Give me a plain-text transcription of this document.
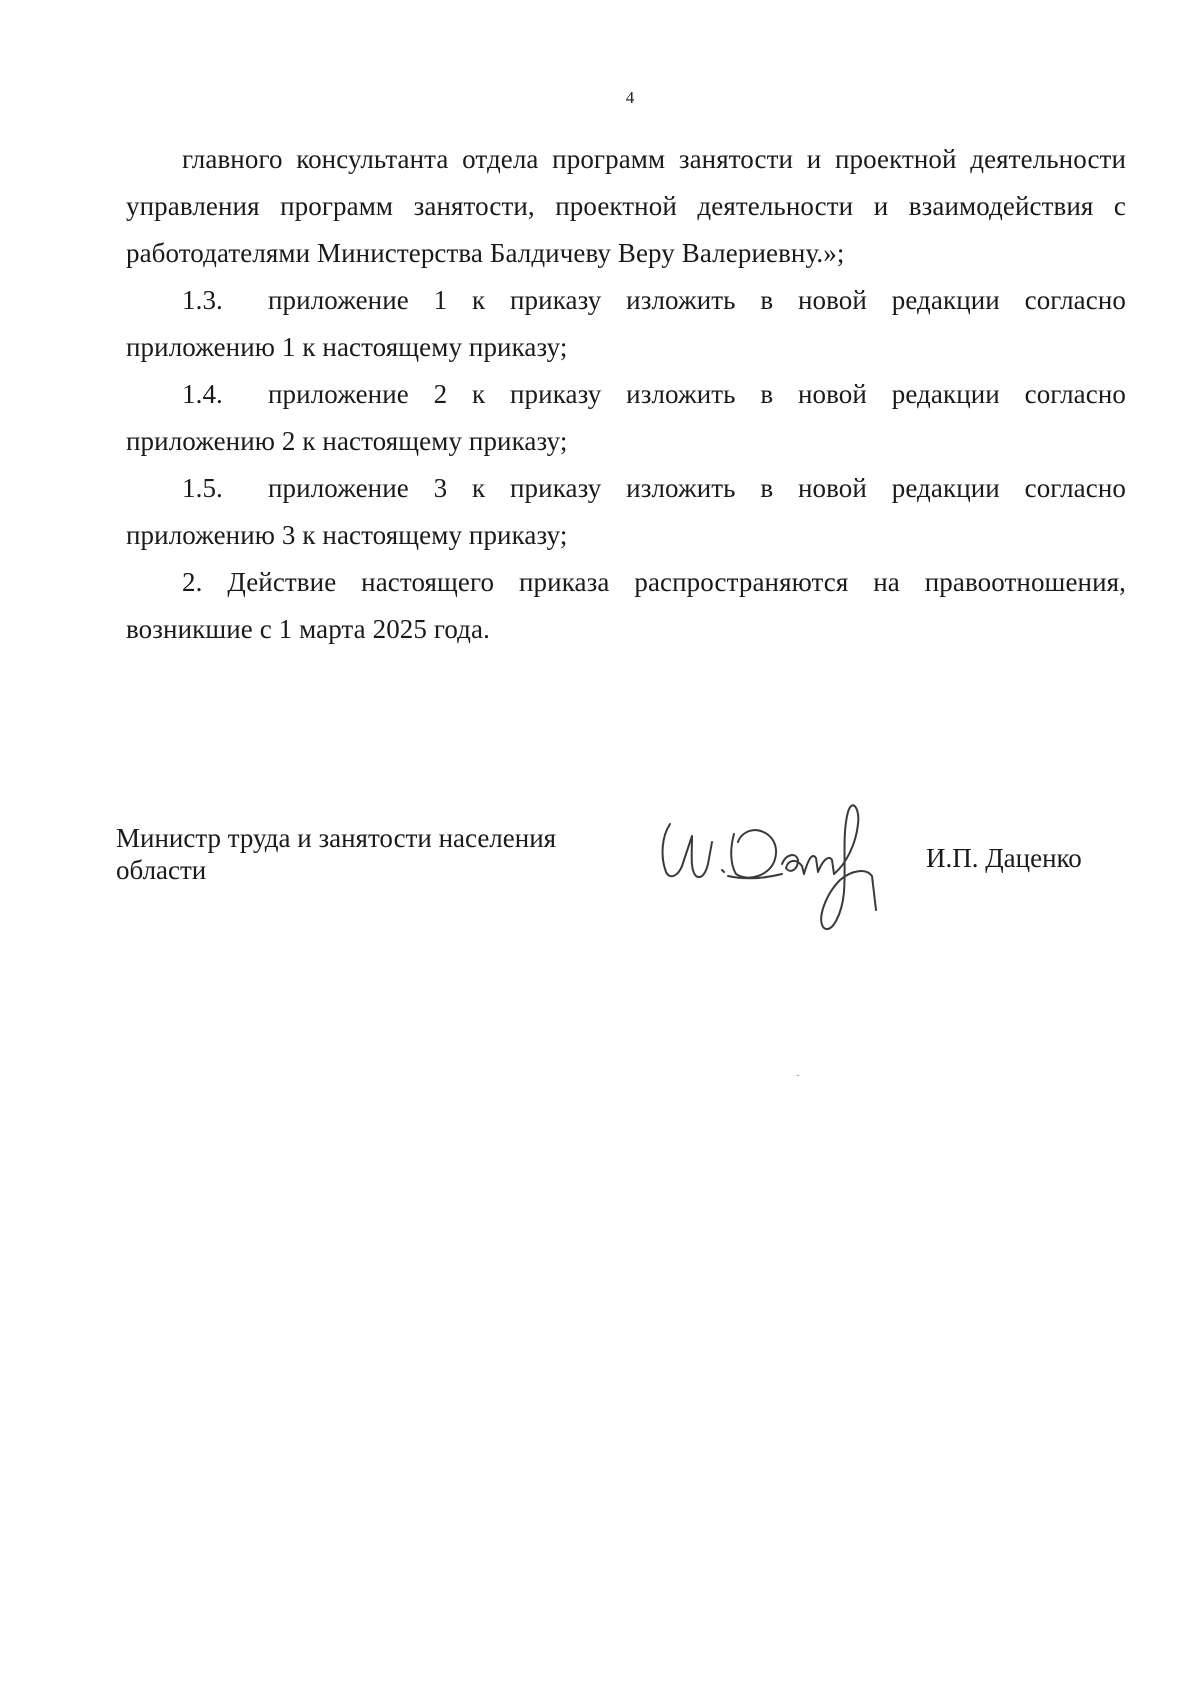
4

главного консультанта отдела программ занятости и проектной деятельности управления программ занятости, проектной деятельности и взаимодействия с работодателями Министерства Балдичеву Веру Валериевну.»;

1.3. приложение 1 к приказу изложить в новой редакции согласно приложению 1 к настоящему приказу;

1.4. приложение 2 к приказу изложить в новой редакции согласно приложению 2 к настоящему приказу;

1.5. приложение 3 к приказу изложить в новой редакции согласно приложению 3 к настоящему приказу;

2. Действие настоящего приказа распространяются на правоотношения, возникшие с 1 марта 2025 года.

Министр труда и занятости населения
области	И.П. Даценко
